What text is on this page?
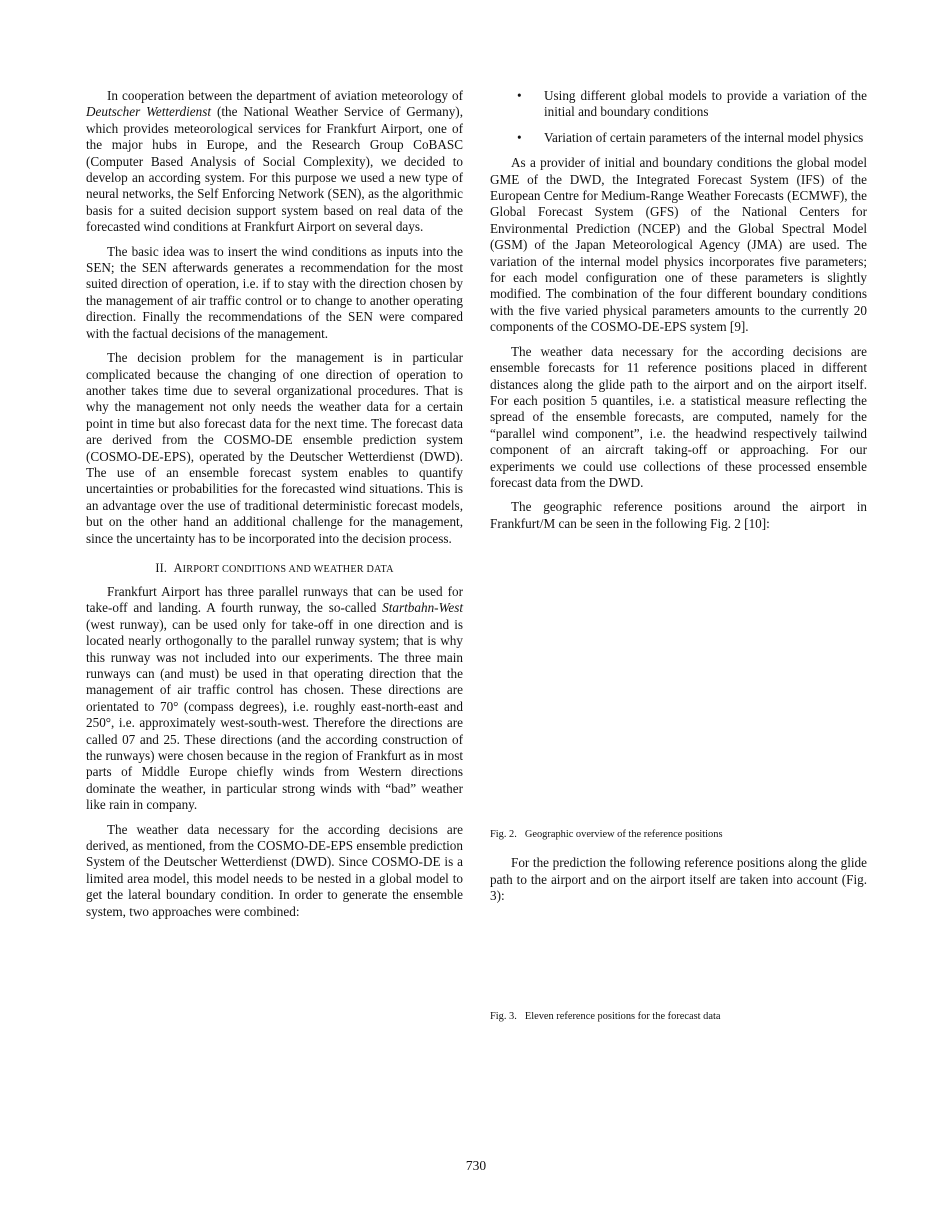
In cooperation between the department of aviation meteorology of Deutscher Wetterdienst (the National Weather Service of Germany), which provides meteorological services for Frankfurt Airport, one of the major hubs in Europe, and the Research Group CoBASC (Computer Based Analysis of Social Complexity), we decided to develop an according system. For this purpose we used a new type of neural networks, the Self Enforcing Network (SEN), as the algorithmic basis for a suited decision support system based on real data of the forecasted wind conditions at Frankfurt Airport on several days.

The basic idea was to insert the wind conditions as inputs into the SEN; the SEN afterwards generates a recommendation for the most suited direction of operation, i.e. if to stay with the direction chosen by the management of air traffic control or to change to another operating direction. Finally the recommendations of the SEN were compared with the factual decisions of the management.

The decision problem for the management is in particular complicated because the changing of one direction of operation to another takes time due to several organizational procedures. That is why the management not only needs the weather data for a certain point in time but also forecast data for the next time. The forecast data are derived from the COSMO-DE ensemble prediction system (COSMO-DE-EPS), operated by the Deutscher Wetterdienst (DWD). The use of an ensemble forecast system enables to quantify uncertainties or probabilities for the forecasted wind situations. This is an advantage over the use of traditional deterministic forecast models, but on the other hand an additional challenge for the management, since the uncertainty has to be incorporated into the decision process.

II. AIRPORT CONDITIONS AND WEATHER DATA

Frankfurt Airport has three parallel runways that can be used for take-off and landing. A fourth runway, the so-called Startbahn-West (west runway), can be used only for take-off in one direction and is located nearly orthogonally to the parallel runway system; that is why this runway was not included into our experiments. The three main runways can (and must) be used in that operating direction that the management of air traffic control has chosen. These directions are orientated to 70° (compass degrees), i.e. roughly east-north-east and 250°, i.e. approximately west-south-west. Therefore the directions are called 07 and 25. These directions (and the according construction of the runways) were chosen because in the region of Frankfurt as in most parts of Middle Europe chiefly winds from Western directions dominate the weather, in particular strong winds with “bad” weather like rain in company.

The weather data necessary for the according decisions are derived, as mentioned, from the COSMO-DE-EPS ensemble prediction System of the Deutscher Wetterdienst (DWD). Since COSMO-DE is a limited area model, this model needs to be nested in a global model to get the lateral boundary condition. In order to generate the ensemble system, two approaches were combined:

• Using different global models to provide a variation of the initial and boundary conditions
• Variation of certain parameters of the internal model physics

As a provider of initial and boundary conditions the global model GME of the DWD, the Integrated Forecast System (IFS) of the European Centre for Medium-Range Weather Forecasts (ECMWF), the Global Forecast System (GFS) of the National Centers for Environmental Prediction (NCEP) and the Global Spectral Model (GSM) of the Japan Meteorological Agency (JMA) are used. The variation of the internal model physics incorporates five parameters; for each model configuration one of these parameters is slightly modified. The combination of the four different boundary conditions with the five varied physical parameters amounts to the currently 20 components of the COSMO-DE-EPS system [9].

The weather data necessary for the according decisions are ensemble forecasts for 11 reference positions placed in different distances along the glide path to the airport and on the airport itself. For each position 5 quantiles, i.e. a statistical measure reflecting the spread of the ensemble forecasts, are computed, namely for the “parallel wind component”, i.e. the headwind respectively tailwind component of an aircraft taking-off or approaching. For our experiments we could use collections of these processed ensemble forecast data from the DWD.

The geographic reference positions around the airport in Frankfurt/M can be seen in the following Fig. 2 [10]:

Fig. 2. Geographic overview of the reference positions

For the prediction the following reference positions along the glide path to the airport and on the airport itself are taken into account (Fig. 3):

Fig. 3. Eleven reference positions for the forecast data

730
